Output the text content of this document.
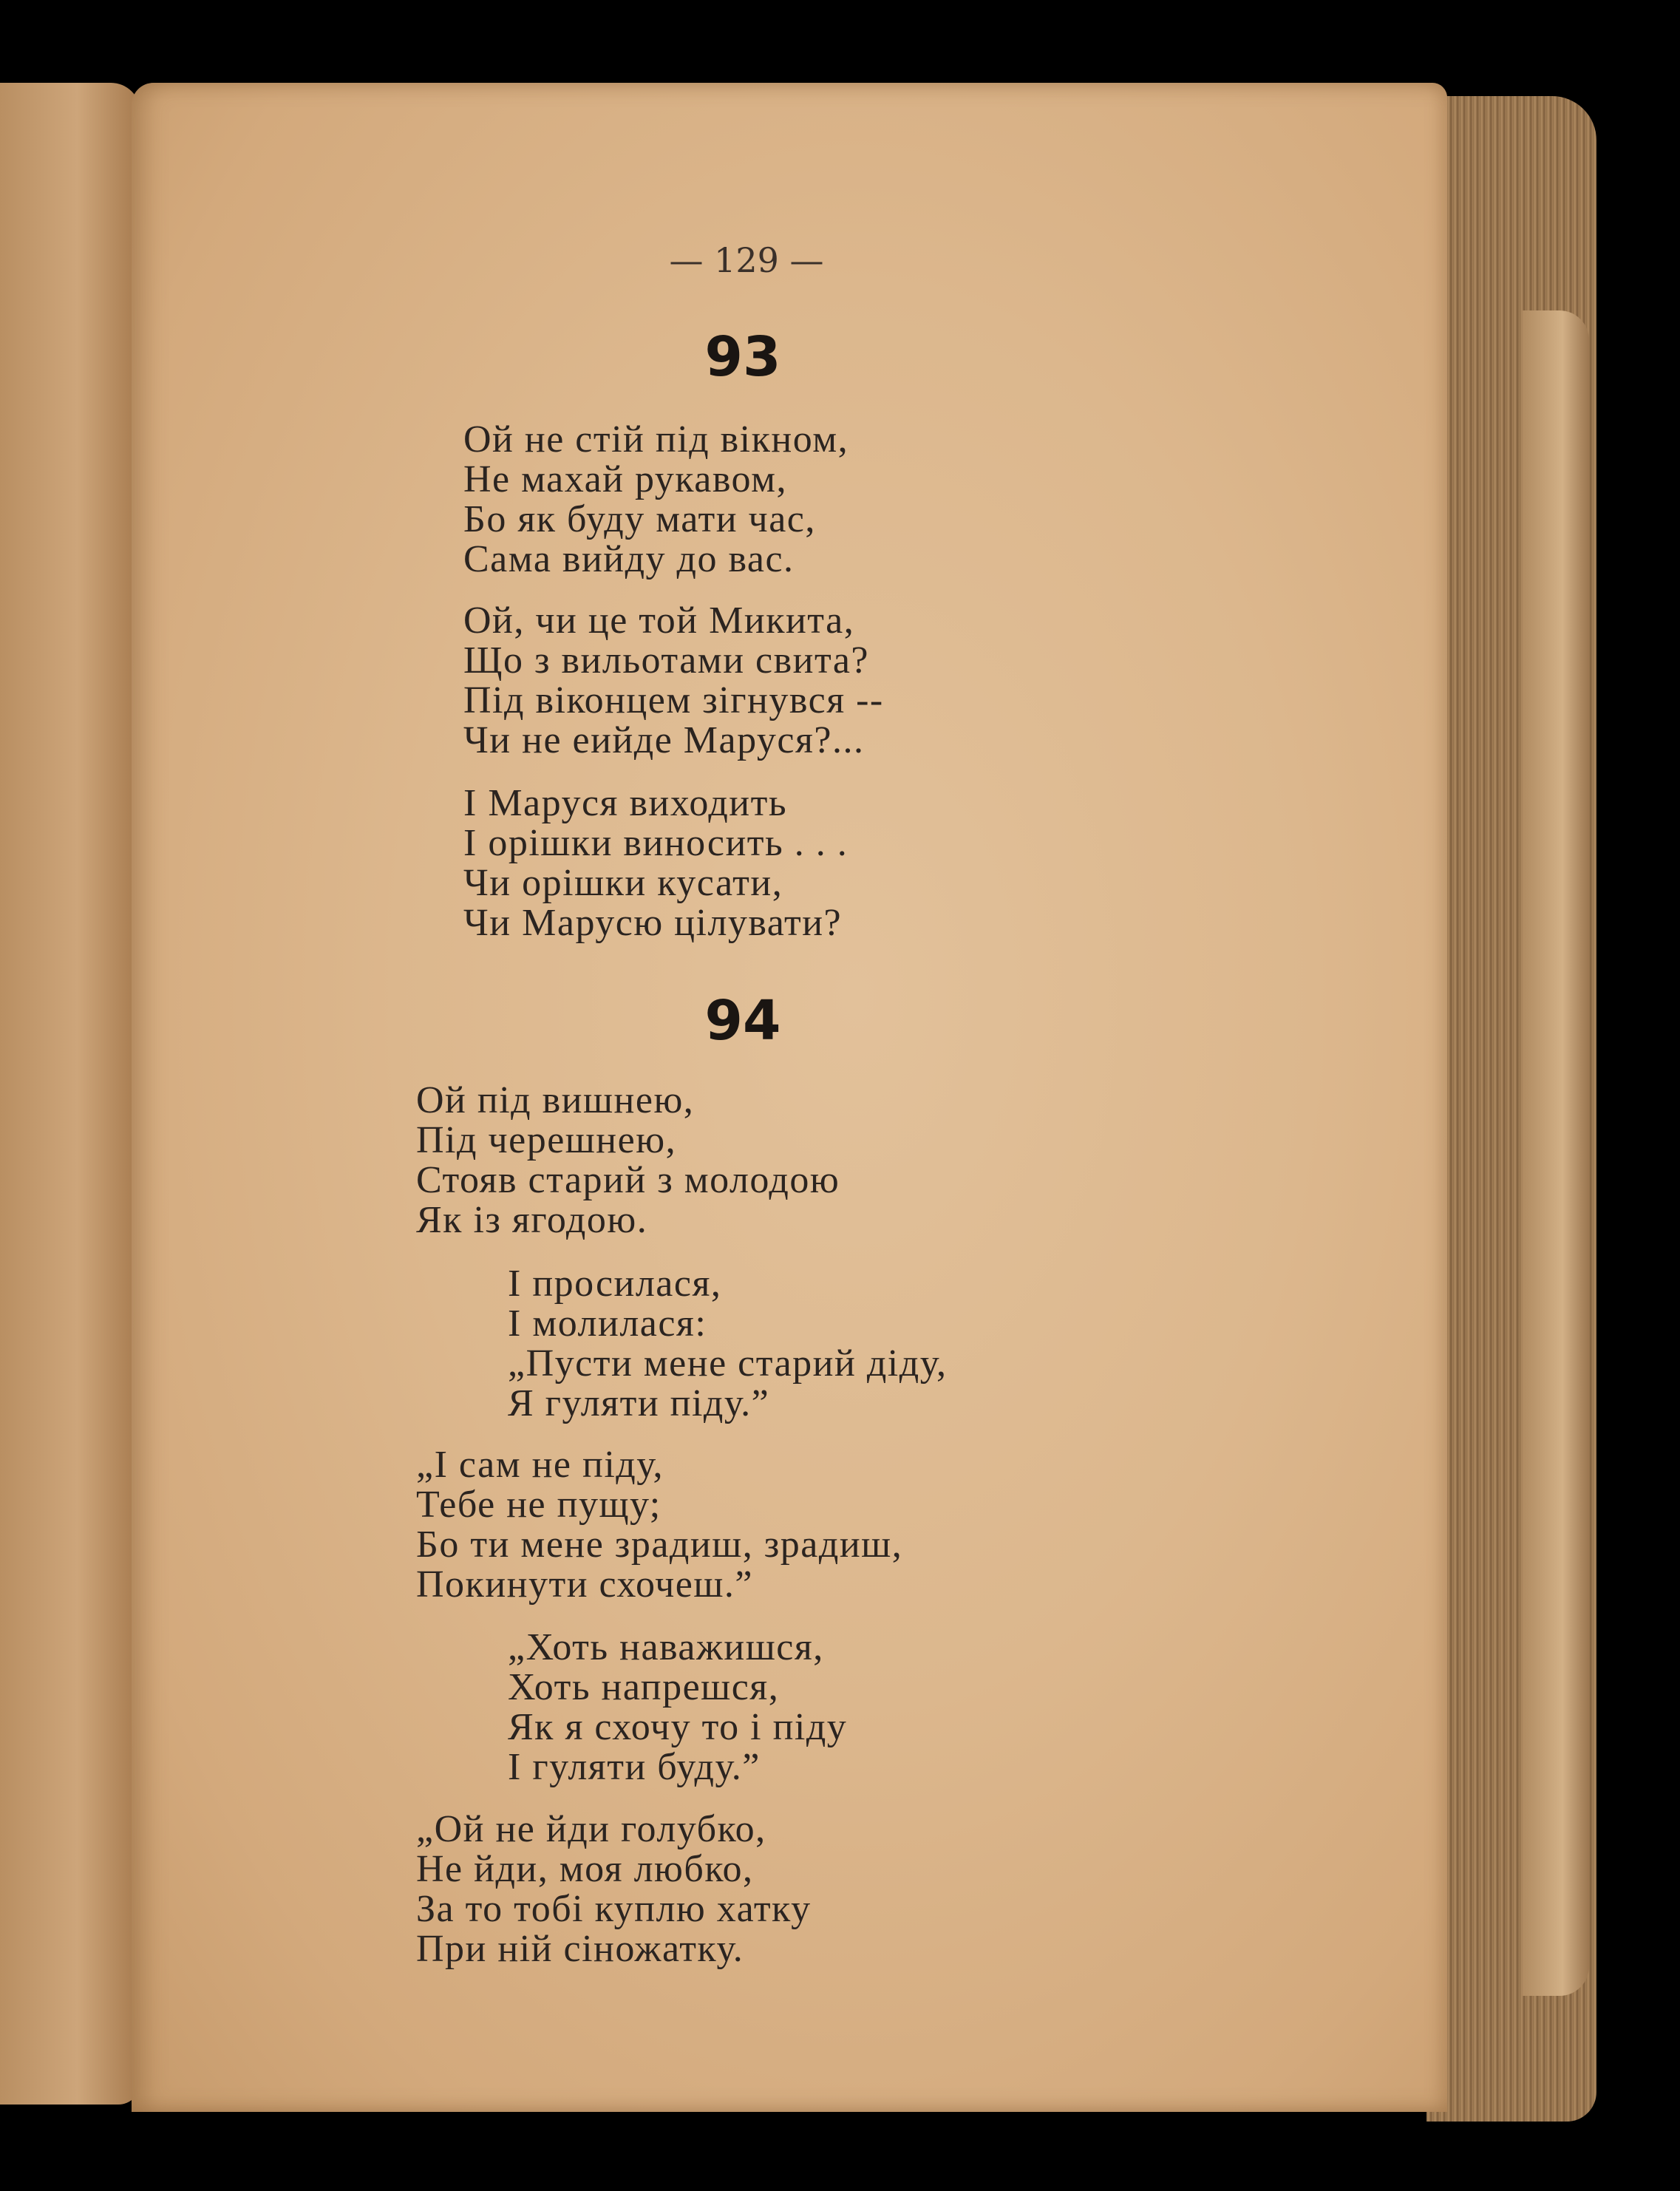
— 129 —
93
Ой не стій під вікном,
Не махай рукавом,
Бо як буду мати час,
Сама вийду до вас.
Ой, чи це той Микита,
Що з вильотами свита?
Під віконцем зігнувся --
Чи не еийде Маруся?...
І Маруся виходить
І орішки виносить . . .
Чи орішки кусати,
Чи Марусю цілувати?
94
Ой під вишнею,
Під черешнею,
Стояв старий з молодою
Як із ягодою.
І просилася,
І молилася:
„Пусти мене старий діду,
Я гуляти піду.”
„І сам не піду,
Тебе не пущу;
Бо ти мене зрадиш, зрадиш,
Покинути схочеш.”
„Хоть наважишся,
Хоть напрешся,
Як я схочу то і піду
І гуляти буду.”
„Ой не йди голубко,
Не йди, моя любко,
За то тобі куплю хатку
При ній сіножатку.
